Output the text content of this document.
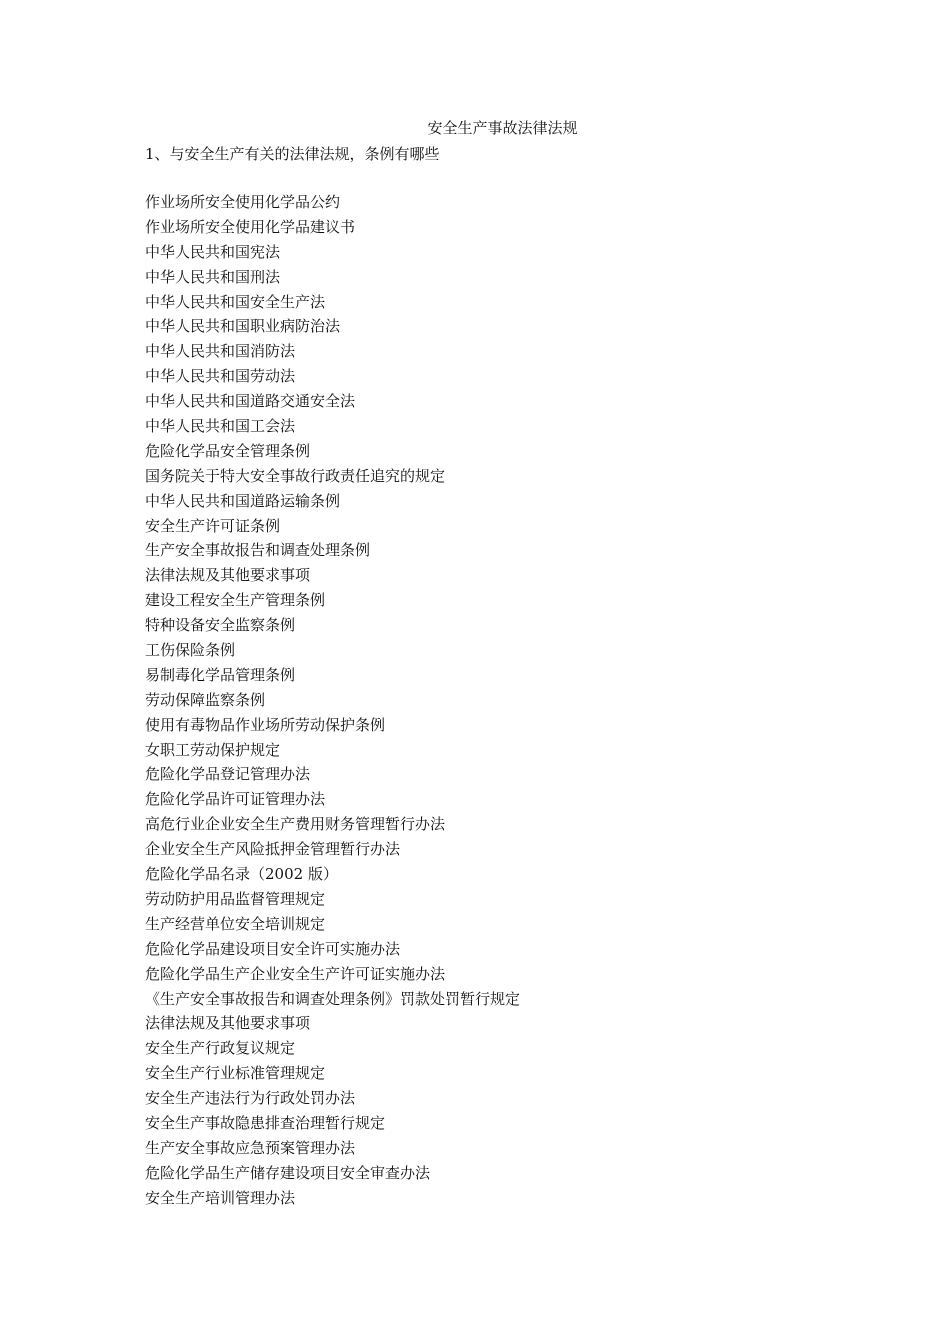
安全生产事故法律法规

1、与安全生产有关的法律法规，条例有哪些

作业场所安全使用化学品公约
作业场所安全使用化学品建议书
中华人民共和国宪法
中华人民共和国刑法
中华人民共和国安全生产法
中华人民共和国职业病防治法
中华人民共和国消防法
中华人民共和国劳动法
中华人民共和国道路交通安全法
中华人民共和国工会法
危险化学品安全管理条例
国务院关于特大安全事故行政责任追究的规定
中华人民共和国道路运输条例
安全生产许可证条例
生产安全事故报告和调查处理条例
法律法规及其他要求事项
建设工程安全生产管理条例
特种设备安全监察条例
工伤保险条例
易制毒化学品管理条例
劳动保障监察条例
使用有毒物品作业场所劳动保护条例
女职工劳动保护规定
危险化学品登记管理办法
危险化学品许可证管理办法
高危行业企业安全生产费用财务管理暂行办法
企业安全生产风险抵押金管理暂行办法
危险化学品名录（2002 版）
劳动防护用品监督管理规定
生产经营单位安全培训规定
危险化学品建设项目安全许可实施办法
危险化学品生产企业安全生产许可证实施办法
《生产安全事故报告和调查处理条例》罚款处罚暂行规定
法律法规及其他要求事项
安全生产行政复议规定
安全生产行业标准管理规定
安全生产违法行为行政处罚办法
安全生产事故隐患排查治理暂行规定
生产安全事故应急预案管理办法
危险化学品生产储存建设项目安全审查办法
安全生产培训管理办法
